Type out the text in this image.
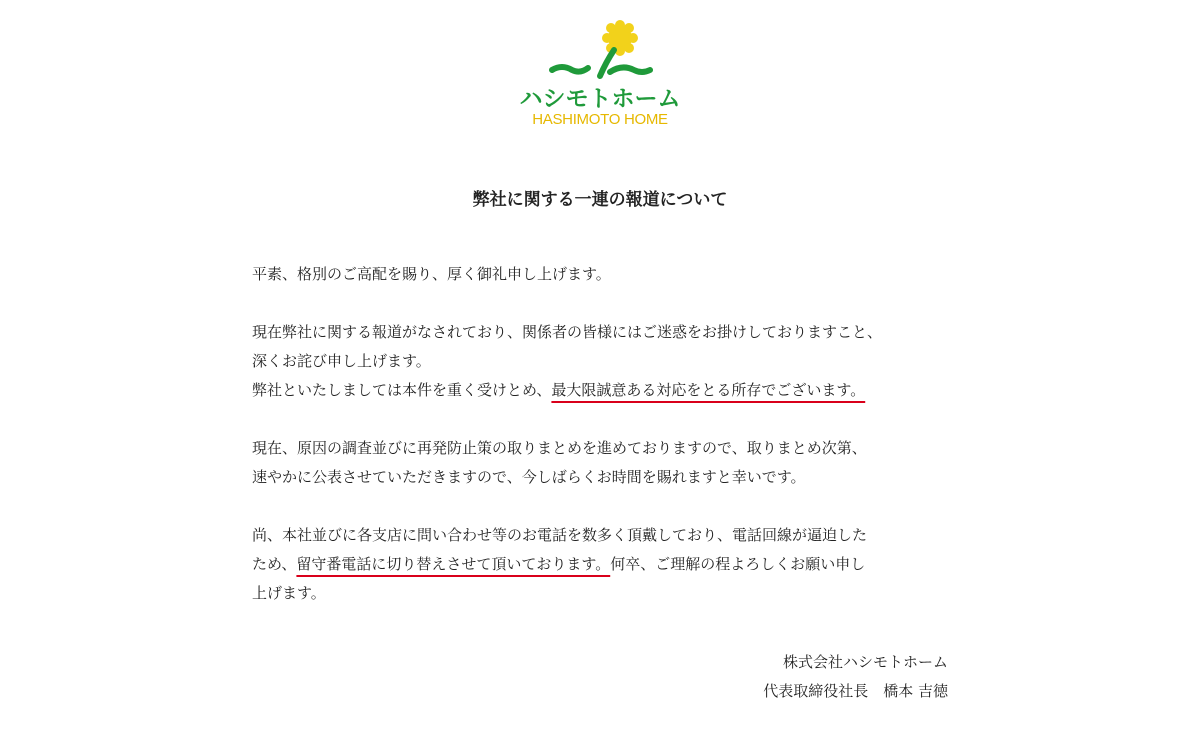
ハシモトホーム
HASHIMOTO HOME
弊社に関する一連の報道について

平素、格別のご高配を賜り、厚く御礼申し上げます。

現在弊社に関する報道がなされており、関係者の皆様にはご迷惑をお掛けしておりますこと、
深くお詫び申し上げます。
弊社といたしましては本件を重く受けとめ、最大限誠意ある対応をとる所存でございます。

現在、原因の調査並びに再発防止策の取りまとめを進めておりますので、取りまとめ次第、
速やかに公表させていただきますので、今しばらくお時間を賜れますと幸いです。

尚、本社並びに各支店に問い合わせ等のお電話を数多く頂戴しており、電話回線が逼迫した
ため、留守番電話に切り替えさせて頂いております。何卒、ご理解の程よろしくお願い申し
上げます。

株式会社ハシモトホーム
代表取締役社長　橋本 吉徳
